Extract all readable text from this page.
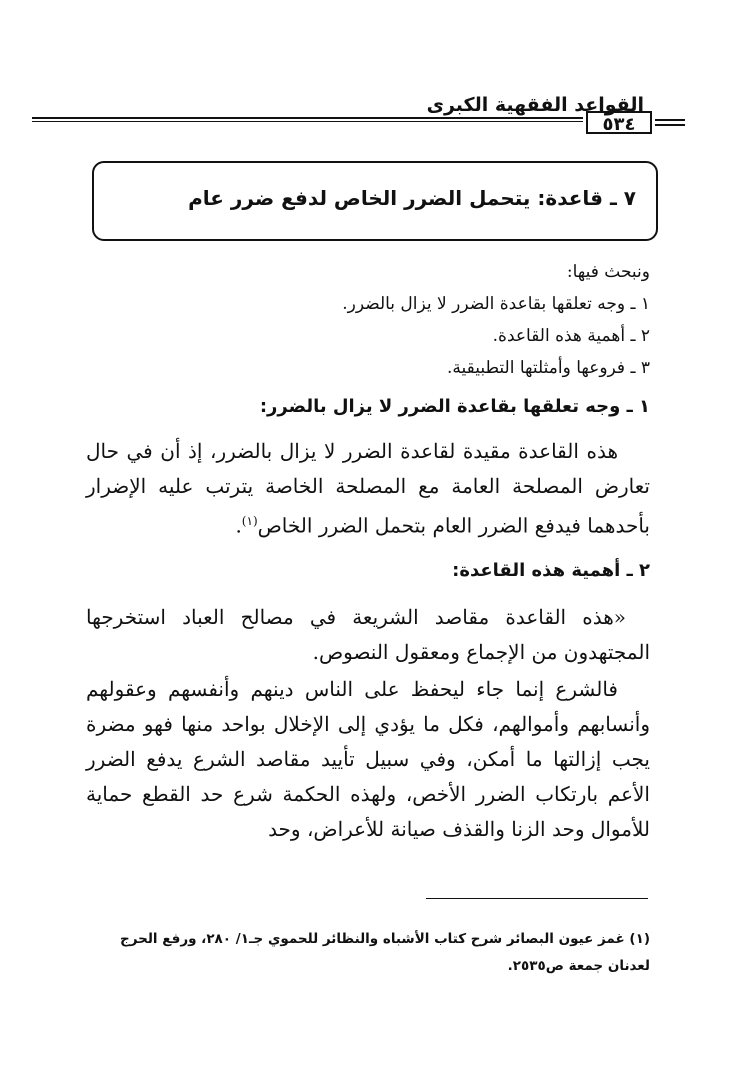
القواعد الفقهية الكبرى
٥٣٤
٧ ـ قاعدة: يتحمل الضرر الخاص لدفع ضرر عام
ونبحث فيها:
١ ـ وجه تعلقها بقاعدة الضرر لا يزال بالضرر.
٢ ـ أهمية هذه القاعدة.
٣ ـ فروعها وأمثلتها التطبيقية.
١ ـ وجه تعلقها بقاعدة الضرر لا يزال بالضرر:
هذه القاعدة مقيدة لقاعدة الضرر لا يزال بالضرر، إذ أن في حال تعارض المصلحة العامة مع المصلحة الخاصة يترتب عليه الإضرار بأحدهما فيدفع الضرر العام بتحمل الضرر الخاص$^{(١)}$.
٢ ـ أهمية هذه القاعدة:
«هذه القاعدة مقاصد الشريعة في مصالح العباد استخرجها المجتهدون من الإجماع ومعقول النصوص.
فالشرع إنما جاء ليحفظ على الناس دينهم وأنفسهم وعقولهم وأنسابهم وأموالهم، فكل ما يؤدي إلى الإخلال بواحد منها فهو مضرة يجب إزالتها ما أمكن، وفي سبيل تأييد مقاصد الشرع يدفع الضرر الأعم بارتكاب الضرر الأخص، ولهذه الحكمة شرع حد القطع حماية للأموال وحد الزنا والقذف صيانة للأعراض، وحد
(١) غمز عيون البصائر شرح كتاب الأشباه والنظائر للحموي جـ١/ ٢٨٠، ورفع الحرج لعدنان جمعة ص٢٥٣٥.
